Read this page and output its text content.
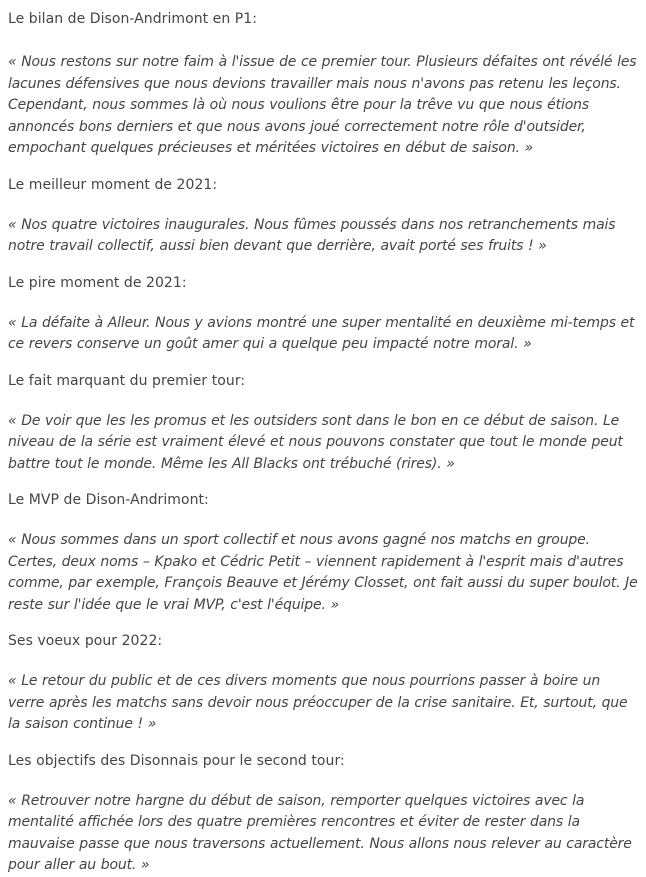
Le bilan de Dison-Andrimont en P1:

« Nous restons sur notre faim à l'issue de ce premier tour. Plusieurs défaites ont révélé les lacunes défensives que nous devions travailler mais nous n'avons pas retenu les leçons. Cependant, nous sommes là où nous voulions être pour la trêve vu que nous étions annoncés bons derniers et que nous avons joué correctement notre rôle d'outsider, empochant quelques précieuses et méritées victoires en début de saison. »

Le meilleur moment de 2021:

« Nos quatre victoires inaugurales. Nous fûmes poussés dans nos retranchements mais notre travail collectif, aussi bien devant que derrière, avait porté ses fruits ! »

Le pire moment de 2021:

« La défaite à Alleur. Nous y avions montré une super mentalité en deuxième mi-temps et ce revers conserve un goût amer qui a quelque peu impacté notre moral. »

Le fait marquant du premier tour:

« De voir que les les promus et les outsiders sont dans le bon en ce début de saison. Le niveau de la série est vraiment élevé et nous pouvons constater que tout le monde peut battre tout le monde. Même les All Blacks ont trébuché (rires). »

Le MVP de Dison-Andrimont:

« Nous sommes dans un sport collectif et nous avons gagné nos matchs en groupe. Certes, deux noms – Kpako et Cédric Petit – viennent rapidement à l'esprit mais d'autres comme, par exemple, François Beauve et Jérémy Closset, ont fait aussi du super boulot. Je reste sur l'idée que le vrai MVP, c'est l'équipe. »

Ses voeux pour 2022:

« Le retour du public et de ces divers moments que nous pourrions passer à boire un verre après les matchs sans devoir nous préoccuper de la crise sanitaire. Et, surtout, que la saison continue ! »

Les objectifs des Disonnais pour le second tour:

« Retrouver notre hargne du début de saison, remporter quelques victoires avec la mentalité affichée lors des quatre premières rencontres et éviter de rester dans la mauvaise passe que nous traversons actuellement. Nous allons nous relever au caractère pour aller au bout. »
